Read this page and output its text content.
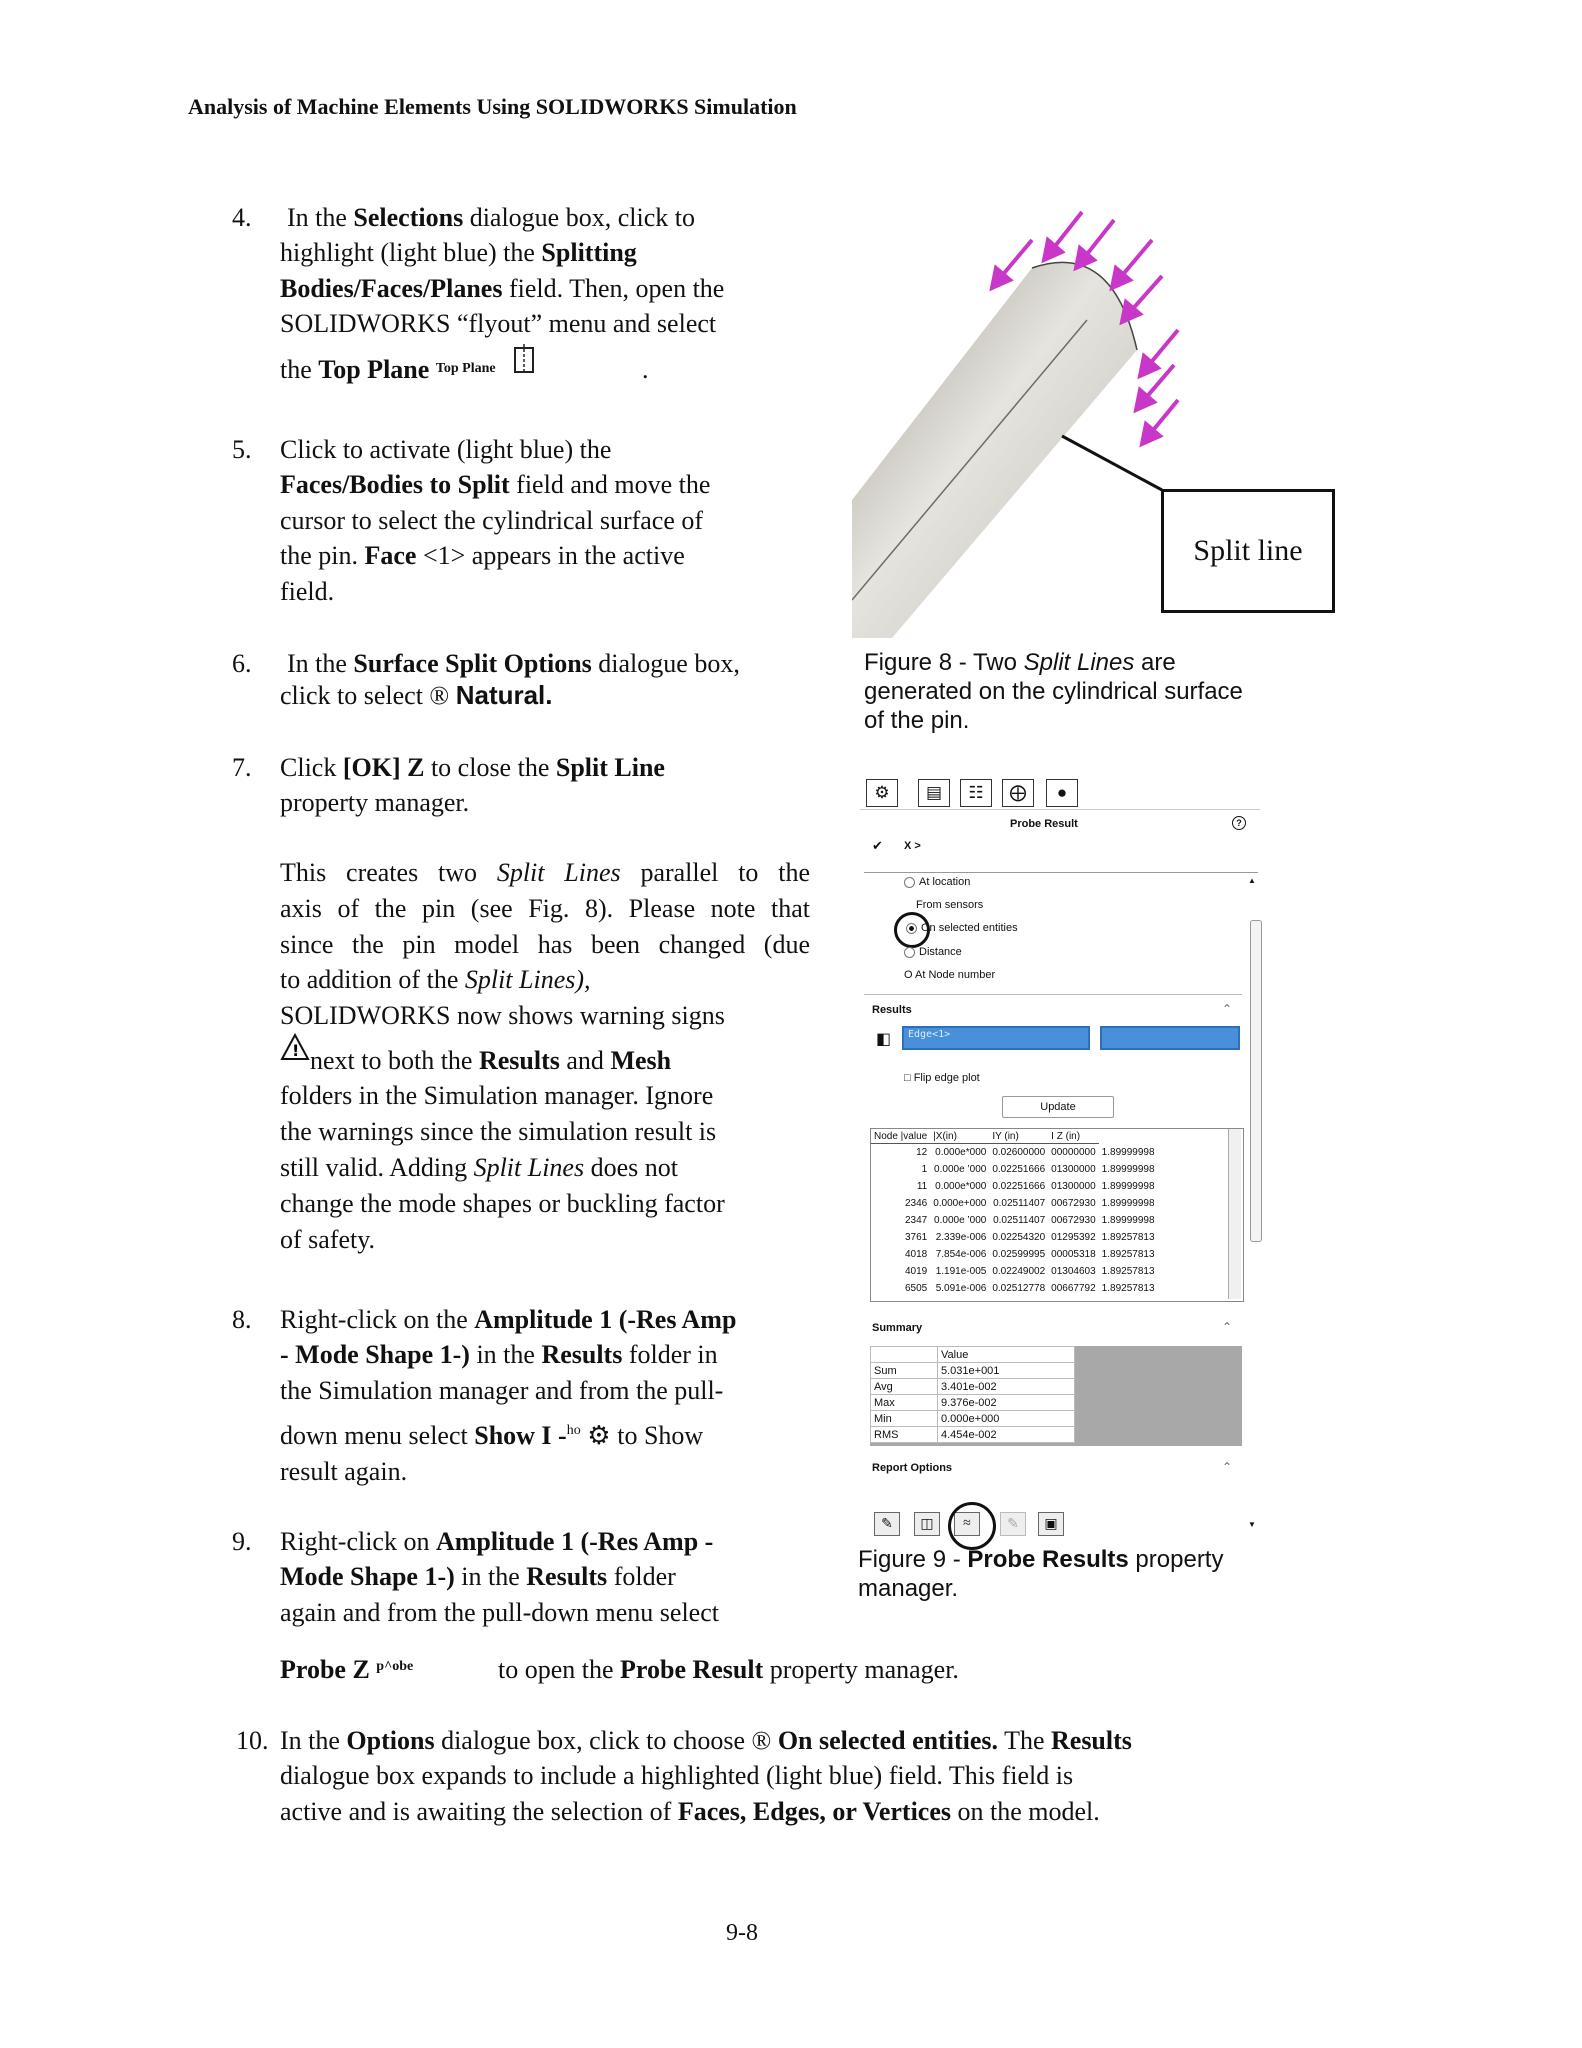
Analysis of Machine Elements Using SOLIDWORKS Simulation
4. In the Selections dialogue box, click to
highlight (light blue) the Splitting
Bodies/Faces/Planes field. Then, open the
SOLIDWORKS “flyout” menu and select
the Top Plane $^{Top Plane}$	.
5. Click to activate (light blue) the
Faces/Bodies to Split field and move the
cursor to select the cylindrical surface of
the pin. Face <1> appears in the active
field.
6. In the Surface Split Options dialogue box,
click to select ® Natural.
7. Click [OK] Z to close the Split Line
property manager.
This creates two Split Lines parallel to the
axis of the pin (see Fig. 8). Please note that
since the pin model has been changed (due
to addition of the Split Lines),
SOLIDWORKS now shows warning signs
! next to both the Results and Mesh
folders in the Simulation manager. Ignore
the warnings since the simulation result is
still valid. Adding Split Lines does not
change the mode shapes or buckling factor
of safety.
8. Right-click on the Amplitude 1 (-Res Amp
- Mode Shape 1-) in the Results folder in
the Simulation manager and from the pull-
down menu select Show I -$^{ho}$ ⚙ to Show
result again.
9. Right-click on Amplitude 1 (-Res Amp -
Mode Shape 1-) in the Results folder
again and from the pull-down menu select
Probe Z $^{p\^{}obe}$	to open the Probe Result property manager.
10. In the Options dialogue box, click to choose ® On selected entities. The Results
dialogue box expands to include a highlighted (light blue) field. This field is
active and is awaiting the selection of Faces, Edges, or Vertices on the model.
9-8
Split line
Figure 8 - Two Split Lines are
generated on the cylindrical surface
of the pin.
⚙	▤	☷	⨁	●
Probe Result	?
✔ X >
▲
At location
From sensors
On selected entities
Distance
O At Node number
Results	⌃
◧	Edge<1>
□ Flip edge plot
Update
Node |value	|X(in)	IY (in)	I Z (in)	
12	0.000e*000	0.02600000	00000000	1.89999998
1	0.000e ’000	0.02251666	01300000	1.89999998
11	0.000e*000	0.02251666	01300000	1.89999998
2346	0.000e+000	0.02511407	00672930	1.89999998
2347	0.000e ’000	0.02511407	00672930	1.89999998
3761	2.339e-006	0.02254320	01295392	1.89257813
4018	7.854e-006	0.02599995	00005318	1.89257813
4019	1.191e-005	0.02249002	01304603	1.89257813
6505	5.091e-006	0.02512778	00667792	1.89257813
Summary	⌃
	Value
Sum	5.031e+001
Avg	3.401e-002
Max	9.376e-002
Min	0.000e+000
RMS	4.454e-002
Report Options	⌃
▼
✎	◫	≈	✎	▣
Figure 9 - Probe Results property
manager.
